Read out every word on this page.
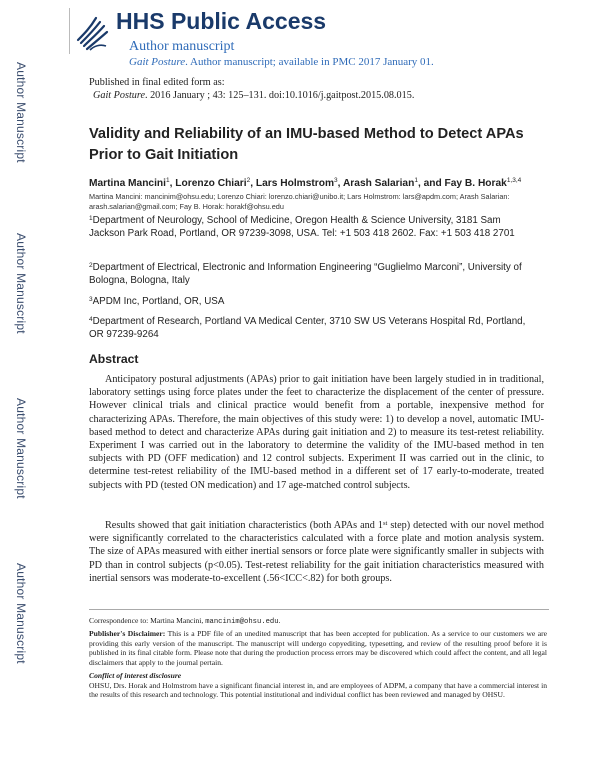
Author Manuscript
Author Manuscript
Author Manuscript
Author Manuscript
HHS Public Access
Author manuscript
Gait Posture. Author manuscript; available in PMC 2017 January 01.
Published in final edited form as:
Gait Posture. 2016 January ; 43: 125–131. doi:10.1016/j.gaitpost.2015.08.015.
Validity and Reliability of an IMU-based Method to Detect APAs Prior to Gait Initiation
Martina Mancini$^1$, Lorenzo Chiari$^2$, Lars Holmstrom$^3$, Arash Salarian$^1$, and Fay B. Horak$^{1,3,4}$
Martina Mancini: mancinim@ohsu.edu; Lorenzo Chiari: lorenzo.chiari@unibo.it; Lars Holmstrom: lars@apdm.com; Arash Salarian: arash.salarian@gmail.com; Fay B. Horak: horakf@ohsu.edu
$^1$Department of Neurology, School of Medicine, Oregon Health & Science University, 3181 Sam Jackson Park Road, Portland, OR 97239-3098, USA. Tel: +1 503 418 2602. Fax: +1 503 418 2701
$^2$Department of Electrical, Electronic and Information Engineering “Guglielmo Marconi”, University of Bologna, Bologna, Italy
$^3$APDM Inc, Portland, OR, USA
$^4$Department of Research, Portland VA Medical Center, 3710 SW US Veterans Hospital Rd, Portland, OR 97239-9264
Abstract
Anticipatory postural adjustments (APAs) prior to gait initiation have been largely studied in in traditional, laboratory settings using force plates under the feet to characterize the displacement of the center of pressure. However clinical trials and clinical practice would benefit from a portable, inexpensive method for characterizing APAs. Therefore, the main objectives of this study were: 1) to develop a novel, automatic IMU-based method to detect and characterize APAs during gait initiation and 2) to measure its test-retest reliability. Experiment I was carried out in the laboratory to determine the validity of the IMU-based method in ten subjects with PD (OFF medication) and 12 control subjects. Experiment II was carried out in the clinic, to determine test-retest reliability of the IMU-based method in a different set of 17 early-to-moderate, treated subjects with PD (tested ON medication) and 17 age-matched control subjects.
Results showed that gait initiation characteristics (both APAs and 1st step) detected with our novel method were significantly correlated to the characteristics calculated with a force plate and motion analysis system. The size of APAs measured with either inertial sensors or force plate were significantly smaller in subjects with PD than in control subjects (p<0.05). Test-retest reliability for the gait initiation characteristics measured with inertial sensors was moderate-to-excellent (.56<ICC<.82) for both groups.
Correspondence to: Martina Mancini, mancinim@ohsu.edu.
Publisher's Disclaimer: This is a PDF file of an unedited manuscript that has been accepted for publication. As a service to our customers we are providing this early version of the manuscript. The manuscript will undergo copyediting, typesetting, and review of the resulting proof before it is published in its final citable form. Please note that during the production process errors may be discovered which could affect the content, and all legal disclaimers that apply to the journal pertain.
Conflict of interest disclosure
OHSU, Drs. Horak and Holmstrom have a significant financial interest in, and are employees of ADPM, a company that have a commercial interest in the results of this research and technology. This potential institutional and individual conflict has been reviewed and managed by OHSU.
